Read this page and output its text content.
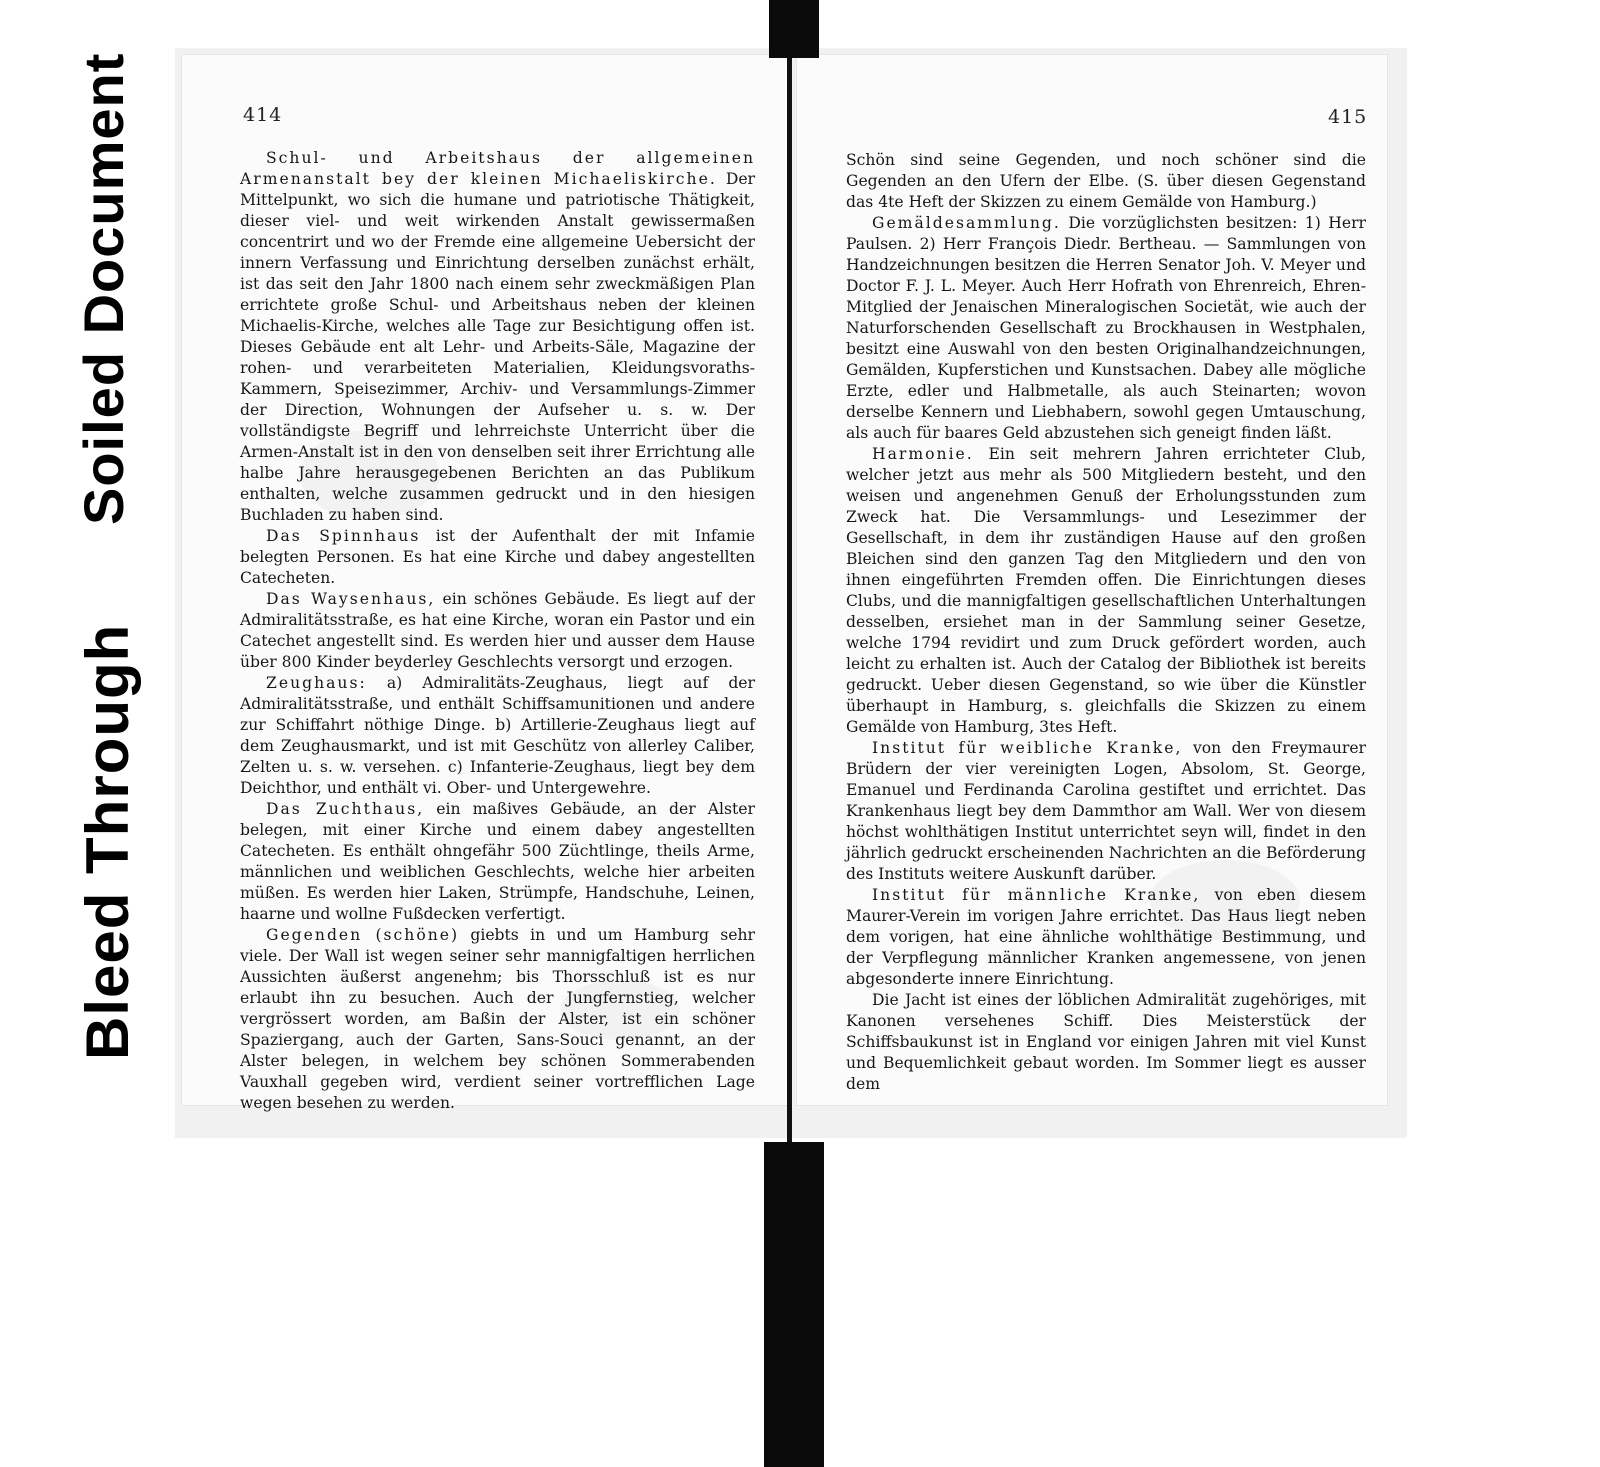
414	415

Schul- und Arbeitshaus der allgemeinen Armenanstalt bey der kleinen Michaeliskirche. Der Mittelpunkt, wo sich die humane und patriotische Thätigkeit, dieser viel- und weit wirkenden Anstalt gewissermaßen concentrirt und wo der Fremde eine allgemeine Uebersicht der innern Verfassung und Einrichtung derselben zunächst erhält, ist das seit den Jahr 1800 nach einem sehr zweckmäßigen Plan errichtete große Schul- und Arbeitshaus neben der kleinen Michaelis-Kirche, welches alle Tage zur Besichtigung offen ist. Dieses Gebäude ent alt Lehr- und Arbeits-Säle, Magazine der rohen- und verarbeiteten Materialien, Kleidungsvoraths-Kammern, Speisezimmer, Archiv- und Versammlungs-Zimmer der Direction, Wohnungen der Aufseher u. s. w. Der vollständigste Begriff und lehrreichste Unterricht über die Armen-Anstalt ist in den von denselben seit ihrer Errichtung alle halbe Jahre herausgegebenen Berichten an das Publikum enthalten, welche zusammen gedruckt und in den hiesigen Buchladen zu haben sind.

Das Spinnhaus ist der Aufenthalt der mit Infamie belegten Personen. Es hat eine Kirche und dabey angestellten Catecheten.

Das Waysenhaus, ein schönes Gebäude. Es liegt auf der Admiralitätsstraße, es hat eine Kirche, woran ein Pastor und ein Catechet angestellt sind. Es werden hier und ausser dem Hause über 800 Kinder beyderley Geschlechts versorgt und erzogen.

Zeughaus: a) Admiralitäts-Zeughaus, liegt auf der Admiralitätsstraße, und enthält Schiffsamunitionen und andere zur Schiffahrt nöthige Dinge. b) Artillerie-Zeughaus liegt auf dem Zeughausmarkt, und ist mit Geschütz von allerley Caliber, Zelten u. s. w. versehen. c) Infanterie-Zeughaus, liegt bey dem Deichthor, und enthält vi. Ober- und Untergewehre.

Das Zuchthaus, ein maßives Gebäude, an der Alster belegen, mit einer Kirche und einem dabey angestellten Catecheten. Es enthält ohngefähr 500 Züchtlinge, theils Arme, männlichen und weiblichen Geschlechts, welche hier arbeiten müßen. Es werden hier Laken, Strümpfe, Handschuhe, Leinen, haarne und wollne Fußdecken verfertigt.

Gegenden (schöne) giebts in und um Hamburg sehr viele. Der Wall ist wegen seiner sehr mannigfaltigen herrlichen Aussichten äußerst angenehm; bis Thorsschluß ist es nur erlaubt ihn zu besuchen. Auch der Jungfernstieg, welcher vergrössert worden, am Baßin der Alster, ist ein schöner Spaziergang, auch der Garten, Sans-Souci genannt, an der Alster belegen, in welchem bey schönen Sommerabenden Vauxhall gegeben wird, verdient seiner vortrefflichen Lage wegen besehen zu werden.

Schön sind seine Gegenden, und noch schöner sind die Gegenden an den Ufern der Elbe. (S. über diesen Gegenstand das 4te Heft der Skizzen zu einem Gemälde von Hamburg.)

Gemäldesammlung. Die vorzüglichsten besitzen: 1) Herr Paulsen. 2) Herr François Diedr. Bertheau. — Sammlungen von Handzeichnungen besitzen die Herren Senator Joh. V. Meyer und Doctor F. J. L. Meyer. Auch Herr Hofrath von Ehrenreich, Ehren-Mitglied der Jenaischen Mineralogischen Societät, wie auch der Naturforschenden Gesellschaft zu Brockhausen in Westphalen, besitzt eine Auswahl von den besten Originalhandzeichnungen, Gemälden, Kupferstichen und Kunstsachen. Dabey alle mögliche Erzte, edler und Halbmetalle, als auch Steinarten; wovon derselbe Kennern und Liebhabern, sowohl gegen Umtauschung, als auch für baares Geld abzustehen sich geneigt finden läßt.

Harmonie. Ein seit mehrern Jahren errichteter Club, welcher jetzt aus mehr als 500 Mitgliedern besteht, und den weisen und angenehmen Genuß der Erholungsstunden zum Zweck hat. Die Versammlungs- und Lesezimmer der Gesellschaft, in dem ihr zuständigen Hause auf den großen Bleichen sind den ganzen Tag den Mitgliedern und den von ihnen eingeführten Fremden offen. Die Einrichtungen dieses Clubs, und die mannigfaltigen gesellschaftlichen Unterhaltungen desselben, ersiehet man in der Sammlung seiner Gesetze, welche 1794 revidirt und zum Druck gefördert worden, auch leicht zu erhalten ist. Auch der Catalog der Bibliothek ist bereits gedruckt. Ueber diesen Gegenstand, so wie über die Künstler überhaupt in Hamburg, s. gleichfalls die Skizzen zu einem Gemälde von Hamburg, 3tes Heft.

Institut für weibliche Kranke, von den Freymaurer Brüdern der vier vereinigten Logen, Absolom, St. George, Emanuel und Ferdinanda Carolina gestiftet und errichtet. Das Krankenhaus liegt bey dem Dammthor am Wall. Wer von diesem höchst wohlthätigen Institut unterrichtet seyn will, findet in den jährlich gedruckt erscheinenden Nachrichten an die Beförderung des Instituts weitere Auskunft darüber.

Institut für männliche Kranke, von eben diesem Maurer-Verein im vorigen Jahre errichtet. Das Haus liegt neben dem vorigen, hat eine ähnliche wohlthätige Bestimmung, und der Verpflegung männlicher Kranken angemessene, von jenen abgesonderte innere Einrichtung.

Die Jacht ist eines der löblichen Admiralität zugehöriges, mit Kanonen versehenes Schiff. Dies Meisterstück der Schiffsbaukunst ist in England vor einigen Jahren mit viel Kunst und Bequemlichkeit gebaut worden. Im Sommer liegt es ausser dem

Bleed Through
Soiled Document
